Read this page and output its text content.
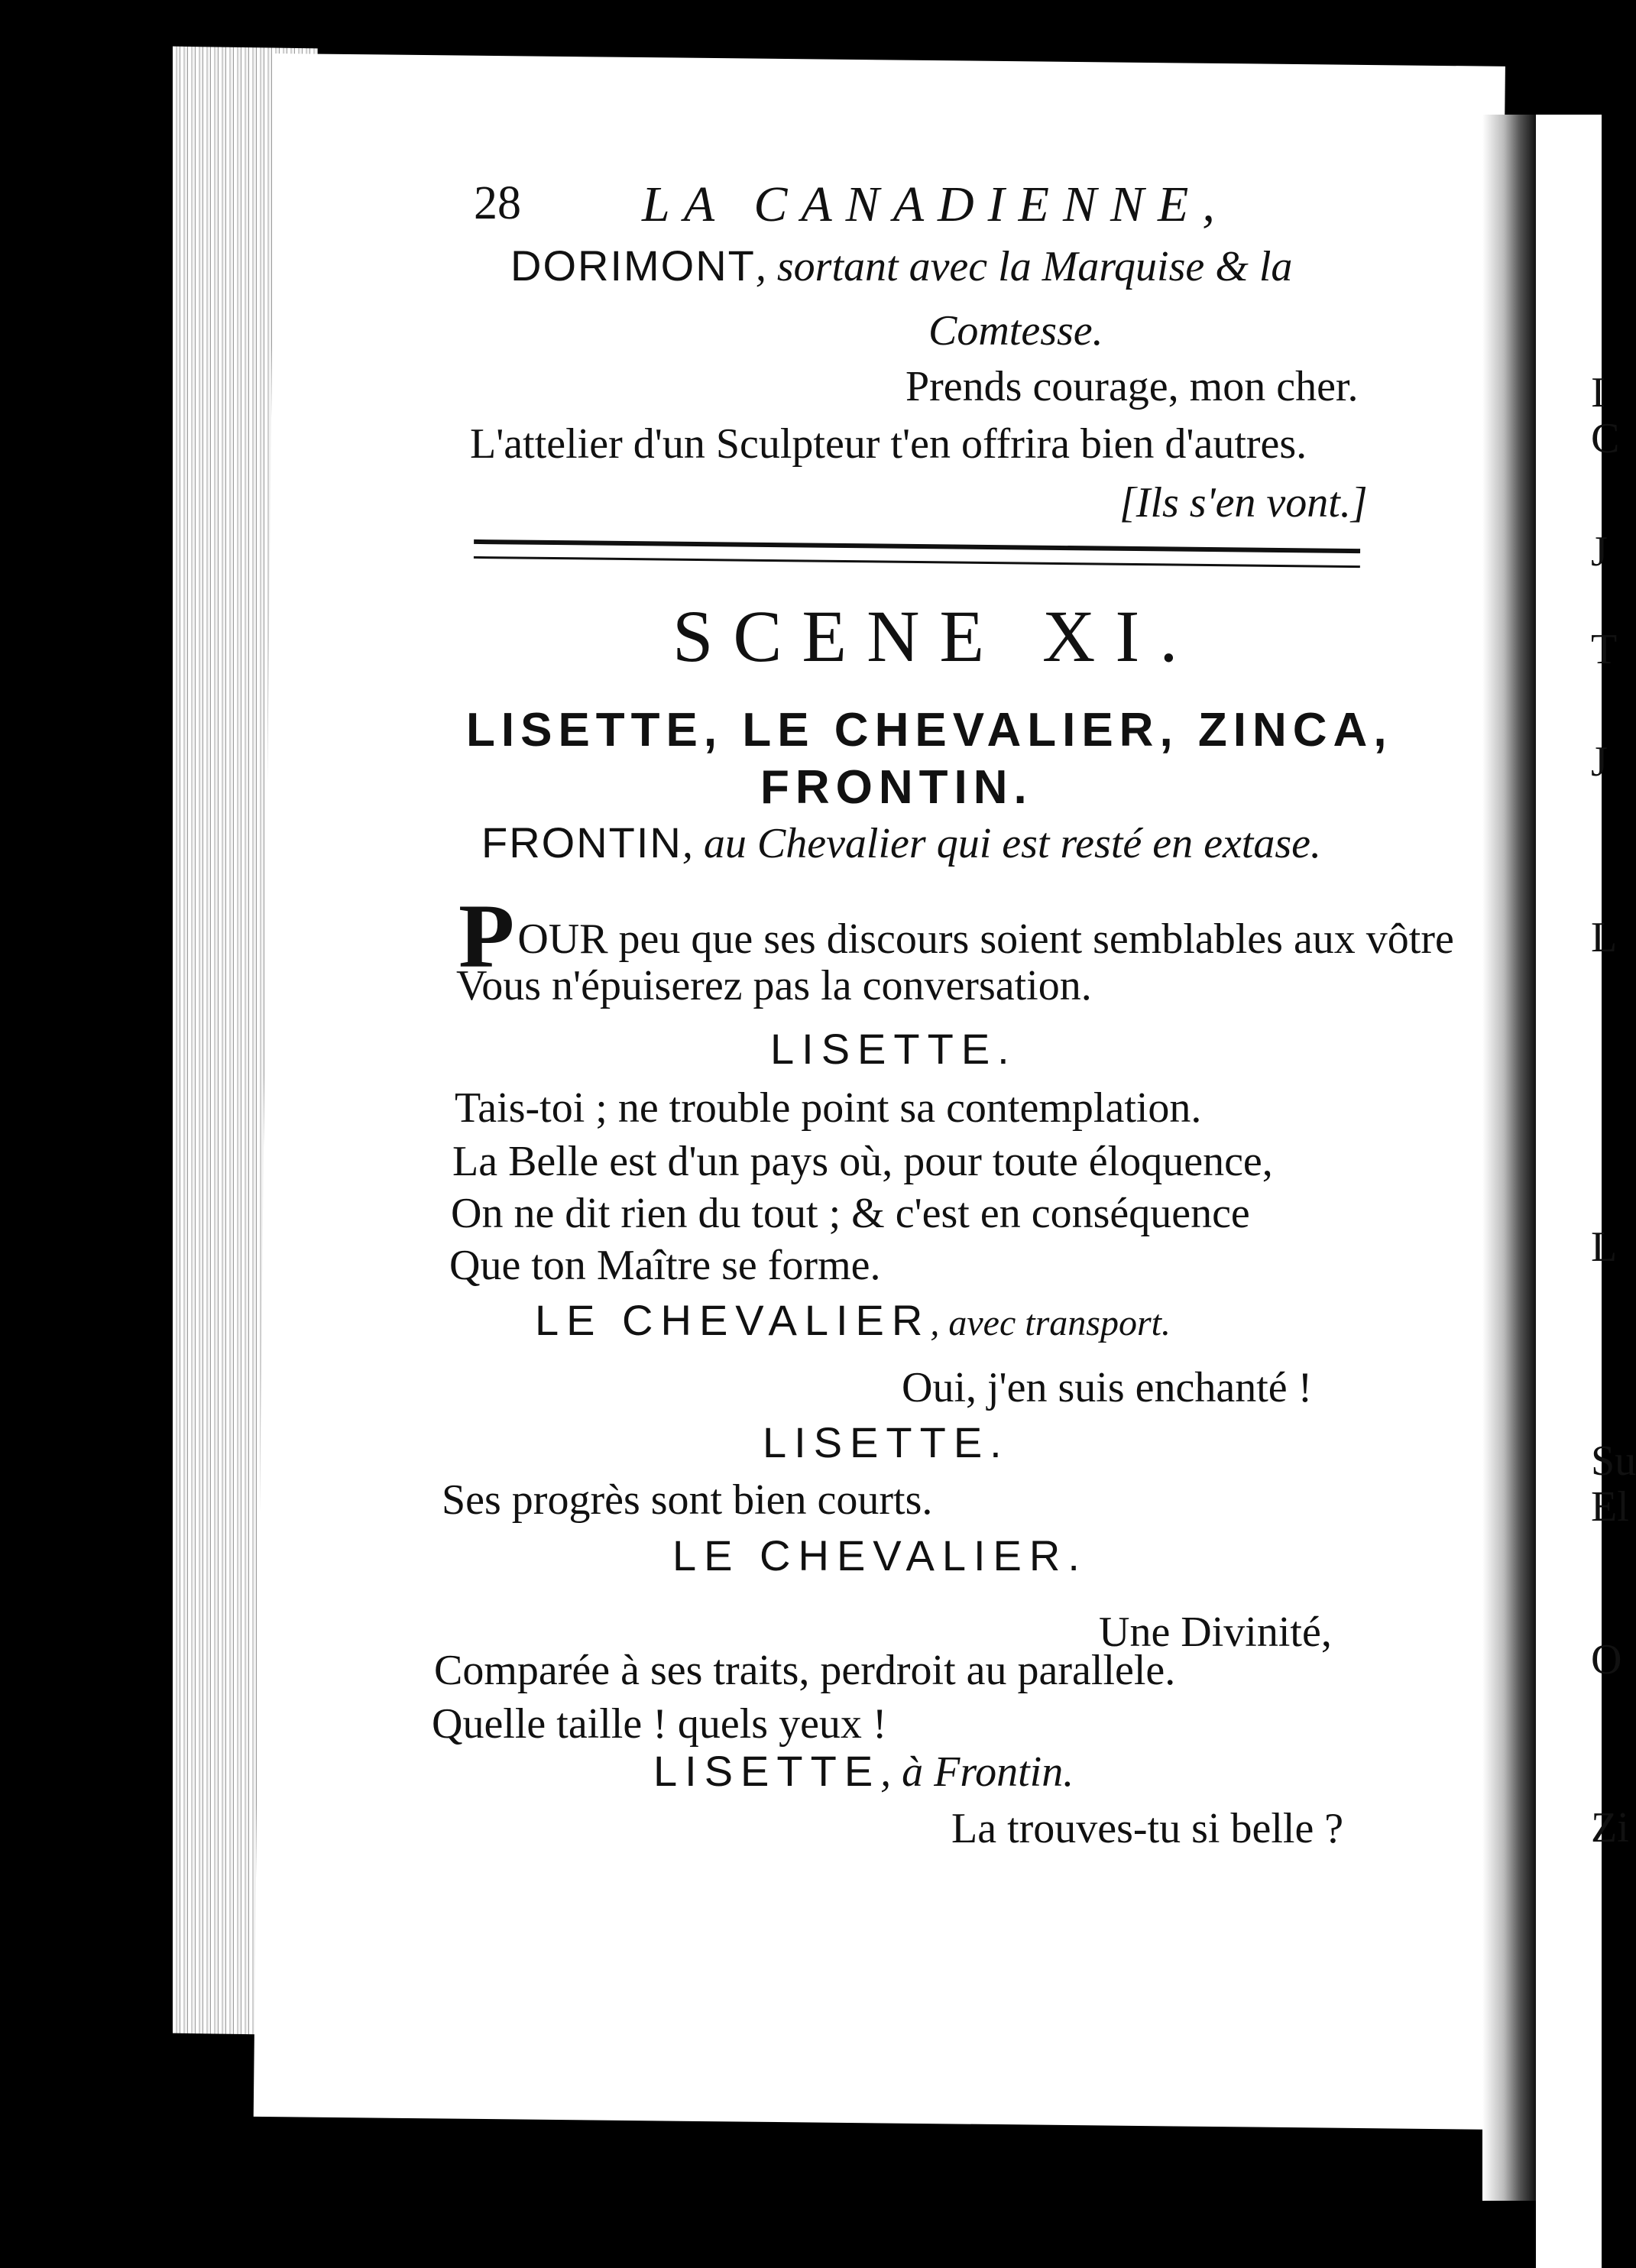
I
C
J
T
J
L
L
Su
El
O
Zi
28 LA CANADIENNE,
DORIMONT, sortant avec la Marquise & la
Comtesse.
Prends courage, mon cher.
L'attelier d'un Sculpteur t'en offrira bien d'autres.
[Ils s'en vont.]
SCENE XI.
LISETTE, LE CHEVALIER, ZINCA,
FRONTIN.
FRONTIN, au Chevalier qui est resté en extase.
POUR peu que ses discours soient semblables aux vôtre
Vous n'épuiserez pas la conversation.
LISETTE.
Tais-toi ; ne trouble point sa contemplation.
La Belle est d'un pays où, pour toute éloquence,
On ne dit rien du tout ; & c'est en conséquence
Que ton Maître se forme.
LE CHEVALIER, avec transport.
Oui, j'en suis enchanté !
LISETTE.
Ses progrès sont bien courts.
LE CHEVALIER.
Une Divinité,
Comparée à ses traits, perdroit au parallele.
Quelle taille ! quels yeux !
LISETTE, à Frontin.
La trouves-tu si belle ?
